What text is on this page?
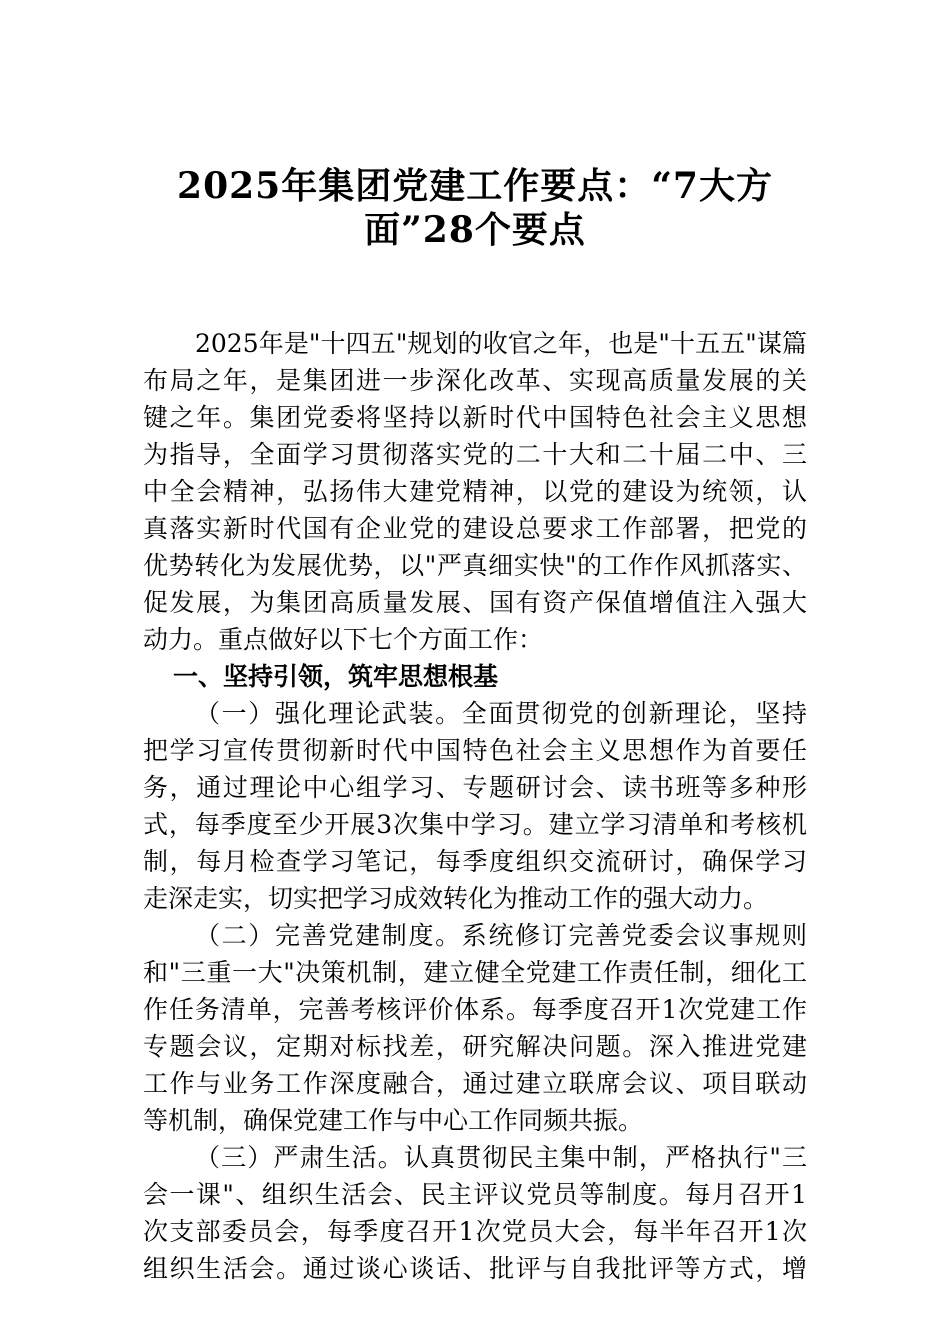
2025年集团党建工作要点：“7大方
面”28个要点
2025年是"十四五"规划的收官之年，也是"十五五"谋篇
布局之年，是集团进一步深化改革、实现高质量发展的关
键之年。集团党委将坚持以新时代中国特色社会主义思想
为指导，全面学习贯彻落实党的二十大和二十届二中、三
中全会精神，弘扬伟大建党精神，以党的建设为统领，认
真落实新时代国有企业党的建设总要求工作部署，把党的
优势转化为发展优势，以"严真细实快"的工作作风抓落实、
促发展，为集团高质量发展、国有资产保值增值注入强大
动力。重点做好以下七个方面工作：
一、坚持引领，筑牢思想根基
（一）强化理论武装。全面贯彻党的创新理论，坚持
把学习宣传贯彻新时代中国特色社会主义思想作为首要任
务，通过理论中心组学习、专题研讨会、读书班等多种形
式，每季度至少开展3次集中学习。建立学习清单和考核机
制，每月检查学习笔记，每季度组织交流研讨，确保学习
走深走实，切实把学习成效转化为推动工作的强大动力。
（二）完善党建制度。系统修订完善党委会议事规则
和"三重一大"决策机制，建立健全党建工作责任制，细化工
作任务清单，完善考核评价体系。每季度召开1次党建工作
专题会议，定期对标找差，研究解决问题。深入推进党建
工作与业务工作深度融合，通过建立联席会议、项目联动
等机制，确保党建工作与中心工作同频共振。
（三）严肃生活。认真贯彻民主集中制，严格执行"三
会一课"、组织生活会、民主评议党员等制度。每月召开1
次支部委员会，每季度召开1次党员大会，每半年召开1次
组织生活会。通过谈心谈话、批评与自我批评等方式，增
